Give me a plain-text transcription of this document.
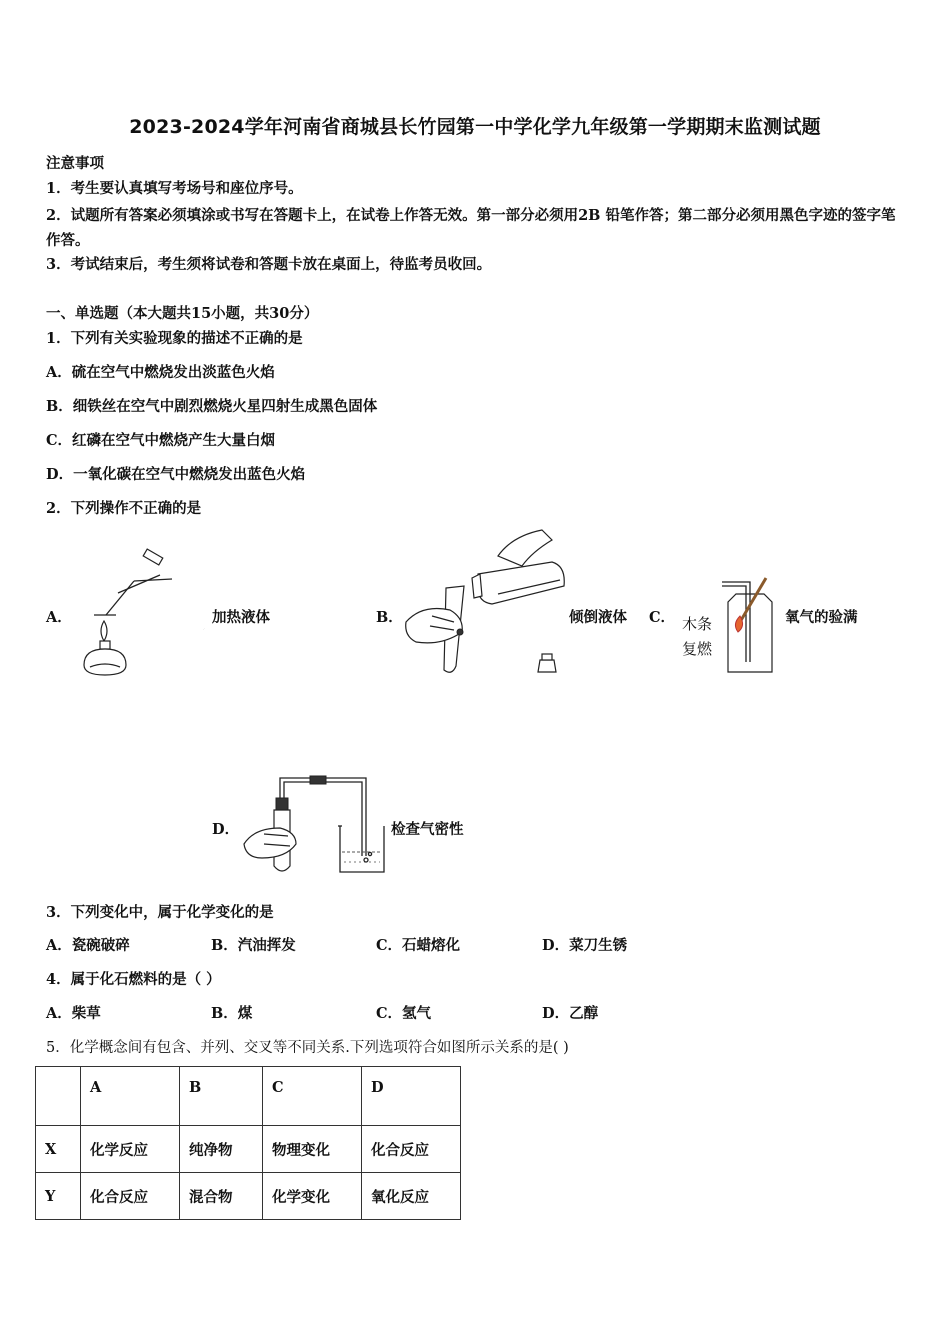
2023-2024学年河南省商城县长竹园第一中学化学九年级第一学期期末监测试题
注意事项
1．考生要认真填写考场号和座位序号。
2．试题所有答案必须填涂或书写在答题卡上，在试卷上作答无效。第一部分必须用2B 铅笔作答；第二部分必须用黑色字迹的签字笔作答。
3．考试结束后，考生须将试卷和答题卡放在桌面上，待监考员收回。
一、单选题（本大题共15小题，共30分）
1．下列有关实验现象的描述不正确的是
A．硫在空气中燃烧发出淡蓝色火焰
B．细铁丝在空气中剧烈燃烧火星四射生成黑色固体
C．红磷在空气中燃烧产生大量白烟
D．一氧化碳在空气中燃烧发出蓝色火焰
2．下列操作不正确的是
A．	加热液体	B．	倾倒液体 C． 木条
复燃
氧气的验满
D．	检查气密性
3．下列变化中，属于化学变化的是
A．瓷碗破碎	B．汽油挥发	C．石蜡熔化	D．菜刀生锈
4．属于化石燃料的是（ ）
A．柴草	B．煤	C．氢气	D．乙醇
5．化学概念间有包含、并列、交叉等不同关系.下列选项符合如图所示关系的是( )
	A	B	C	D
X	化学反应	纯净物	物理变化	化合反应
Y	化合反应	混合物	化学变化	氧化反应
